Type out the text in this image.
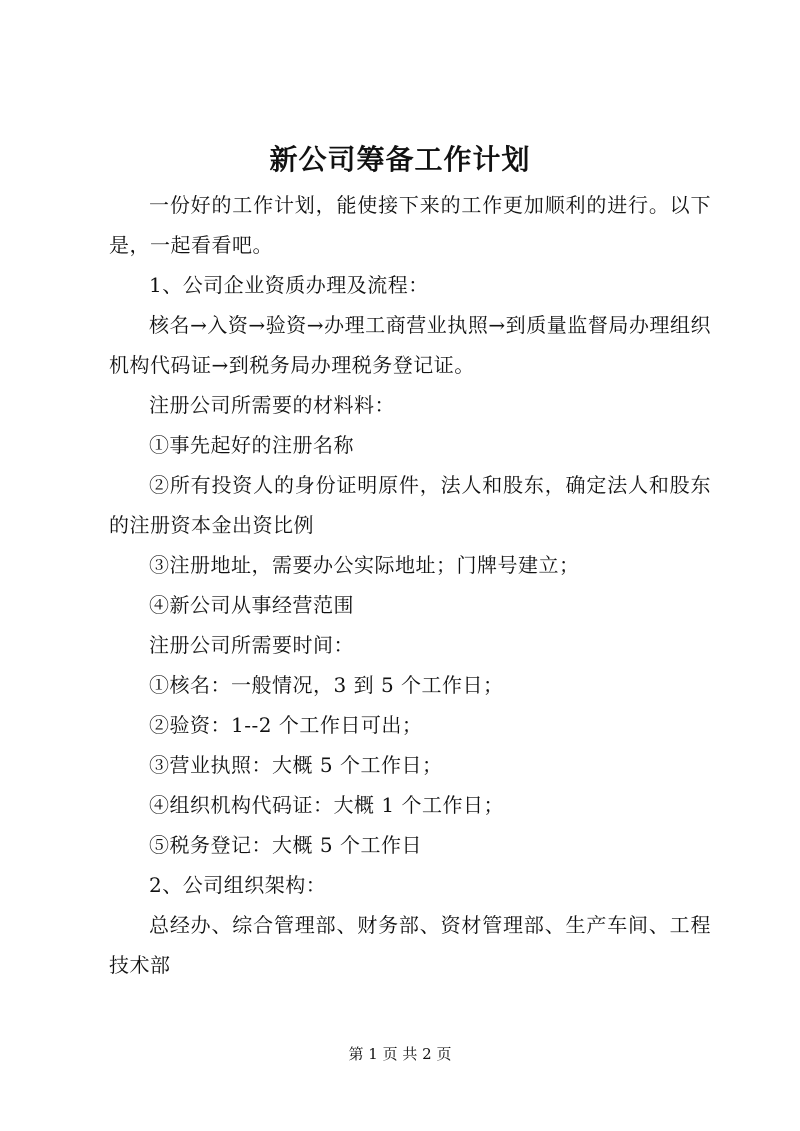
新公司筹备工作计划

一份好的工作计划，能使接下来的工作更加顺利的进行。以下是，一起看看吧。

1、公司企业资质办理及流程：

核名→入资→验资→办理工商营业执照→到质量监督局办理组织机构代码证→到税务局办理税务登记证。

注册公司所需要的材料料：

①事先起好的注册名称

②所有投资人的身份证明原件，法人和股东，确定法人和股东的注册资本金出资比例

③注册地址，需要办公实际地址；门牌号建立；

④新公司从事经营范围

注册公司所需要时间：

①核名：一般情况，3 到 5 个工作日；

②验资：1--2 个工作日可出；

③营业执照：大概 5 个工作日；

④组织机构代码证：大概 1 个工作日；

⑤税务登记：大概 5 个工作日

2、公司组织架构：

总经办、综合管理部、财务部、资材管理部、生产车间、工程技术部

第 1 页 共 2 页
